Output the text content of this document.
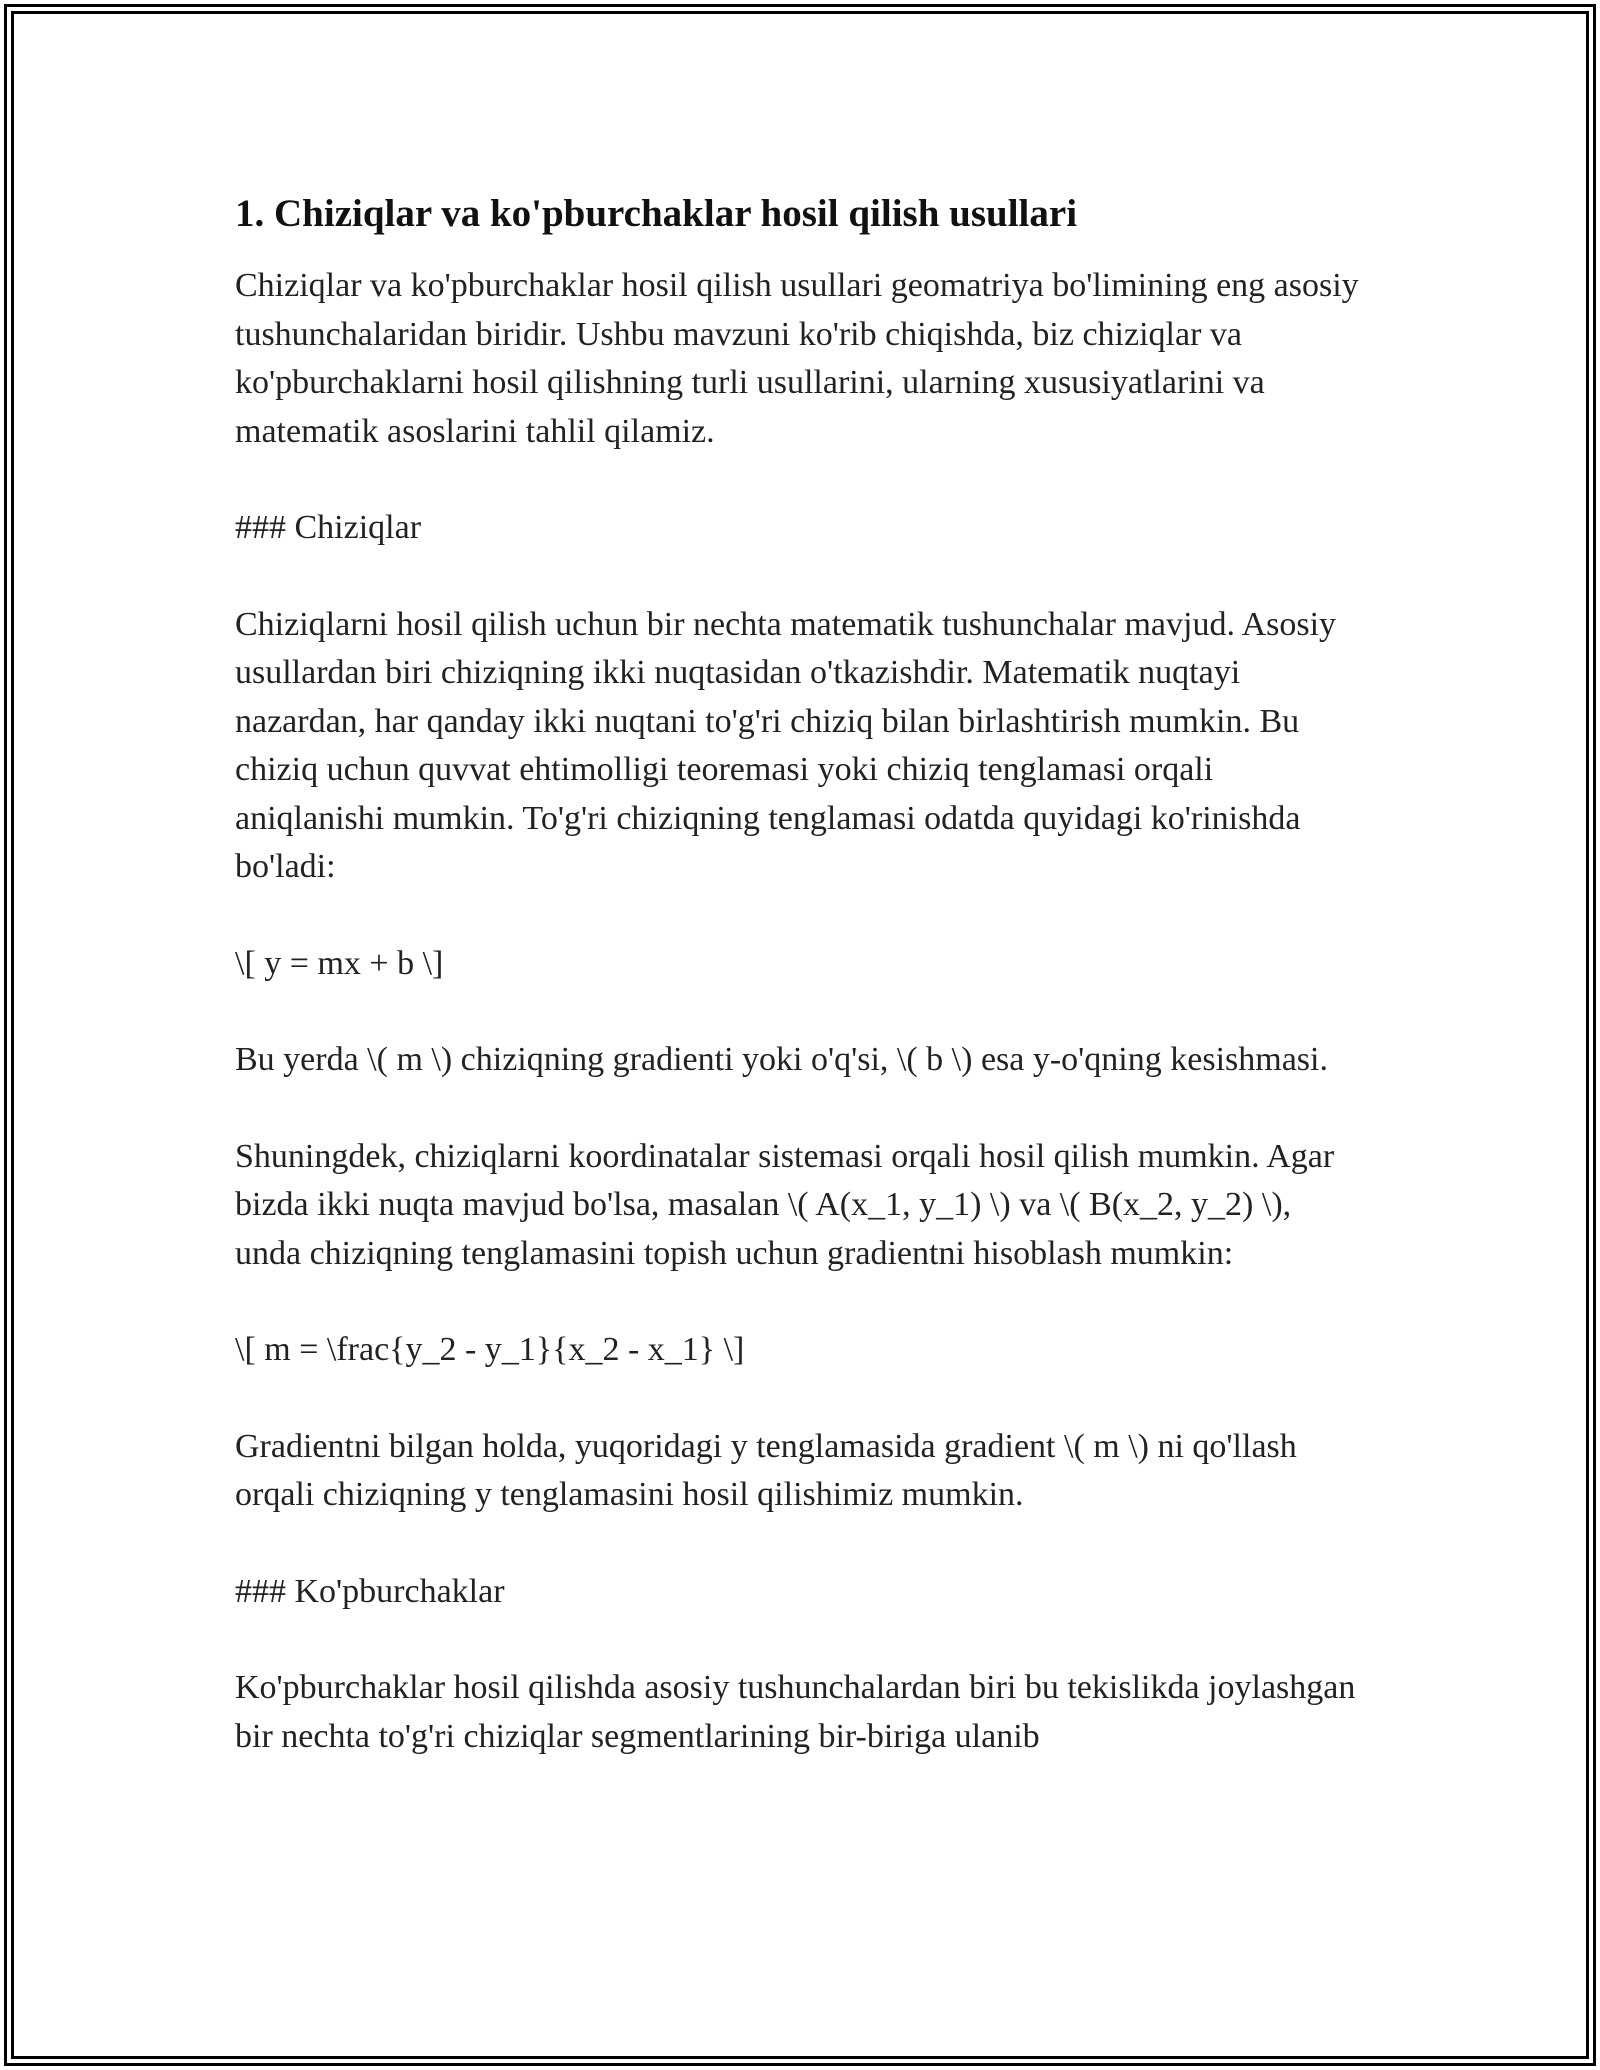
1. Chiziqlar va ko'pburchaklar hosil qilish usullari

Chiziqlar va ko'pburchaklar hosil qilish usullari geomatriya bo'limining eng asosiy tushunchalaridan biridir. Ushbu mavzuni ko'rib chiqishda, biz chiziqlar va ko'pburchaklarni hosil qilishning turli usullarini, ularning xususiyatlarini va matematik asoslarini tahlil qilamiz.

### Chiziqlar

Chiziqlarni hosil qilish uchun bir nechta matematik tushunchalar mavjud. Asosiy usullardan biri chiziqning ikki nuqtasidan o'tkazishdir. Matematik nuqtayi nazardan, har qanday ikki nuqtani to'g'ri chiziq bilan birlashtirish mumkin. Bu chiziq uchun quvvat ehtimolligi teoremasi yoki chiziq tenglamasi orqali aniqlanishi mumkin. To'g'ri chiziqning tenglamasi odatda quyidagi ko'rinishda bo'ladi:

\[ y = mx + b \]

Bu yerda \( m \) chiziqning gradienti yoki o'q'si, \( b \) esa y-o'qning kesishmasi.

Shuningdek, chiziqlarni koordinatalar sistemasi orqali hosil qilish mumkin. Agar bizda ikki nuqta mavjud bo'lsa, masalan \( A(x_1, y_1) \) va \( B(x_2, y_2) \), unda chiziqning tenglamasini topish uchun gradientni hisoblash mumkin:

\[ m = \frac{y_2 - y_1}{x_2 - x_1} \]

Gradientni bilgan holda, yuqoridagi y tenglamasida gradient \( m \) ni qo'llash orqali chiziqning y tenglamasini hosil qilishimiz mumkin.

### Ko'pburchaklar

Ko'pburchaklar hosil qilishda asosiy tushunchalardan biri bu tekislikda joylashgan bir nechta to'g'ri chiziqlar segmentlarining bir-biriga ulanib
